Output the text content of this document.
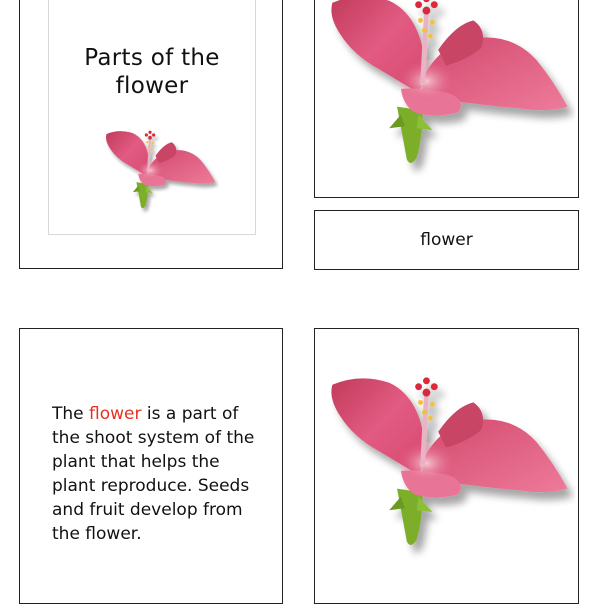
Parts of the
flower
flower

The flower is a part of the shoot system of the plant that helps the plant reproduce. Seeds and fruit develop from the flower.
